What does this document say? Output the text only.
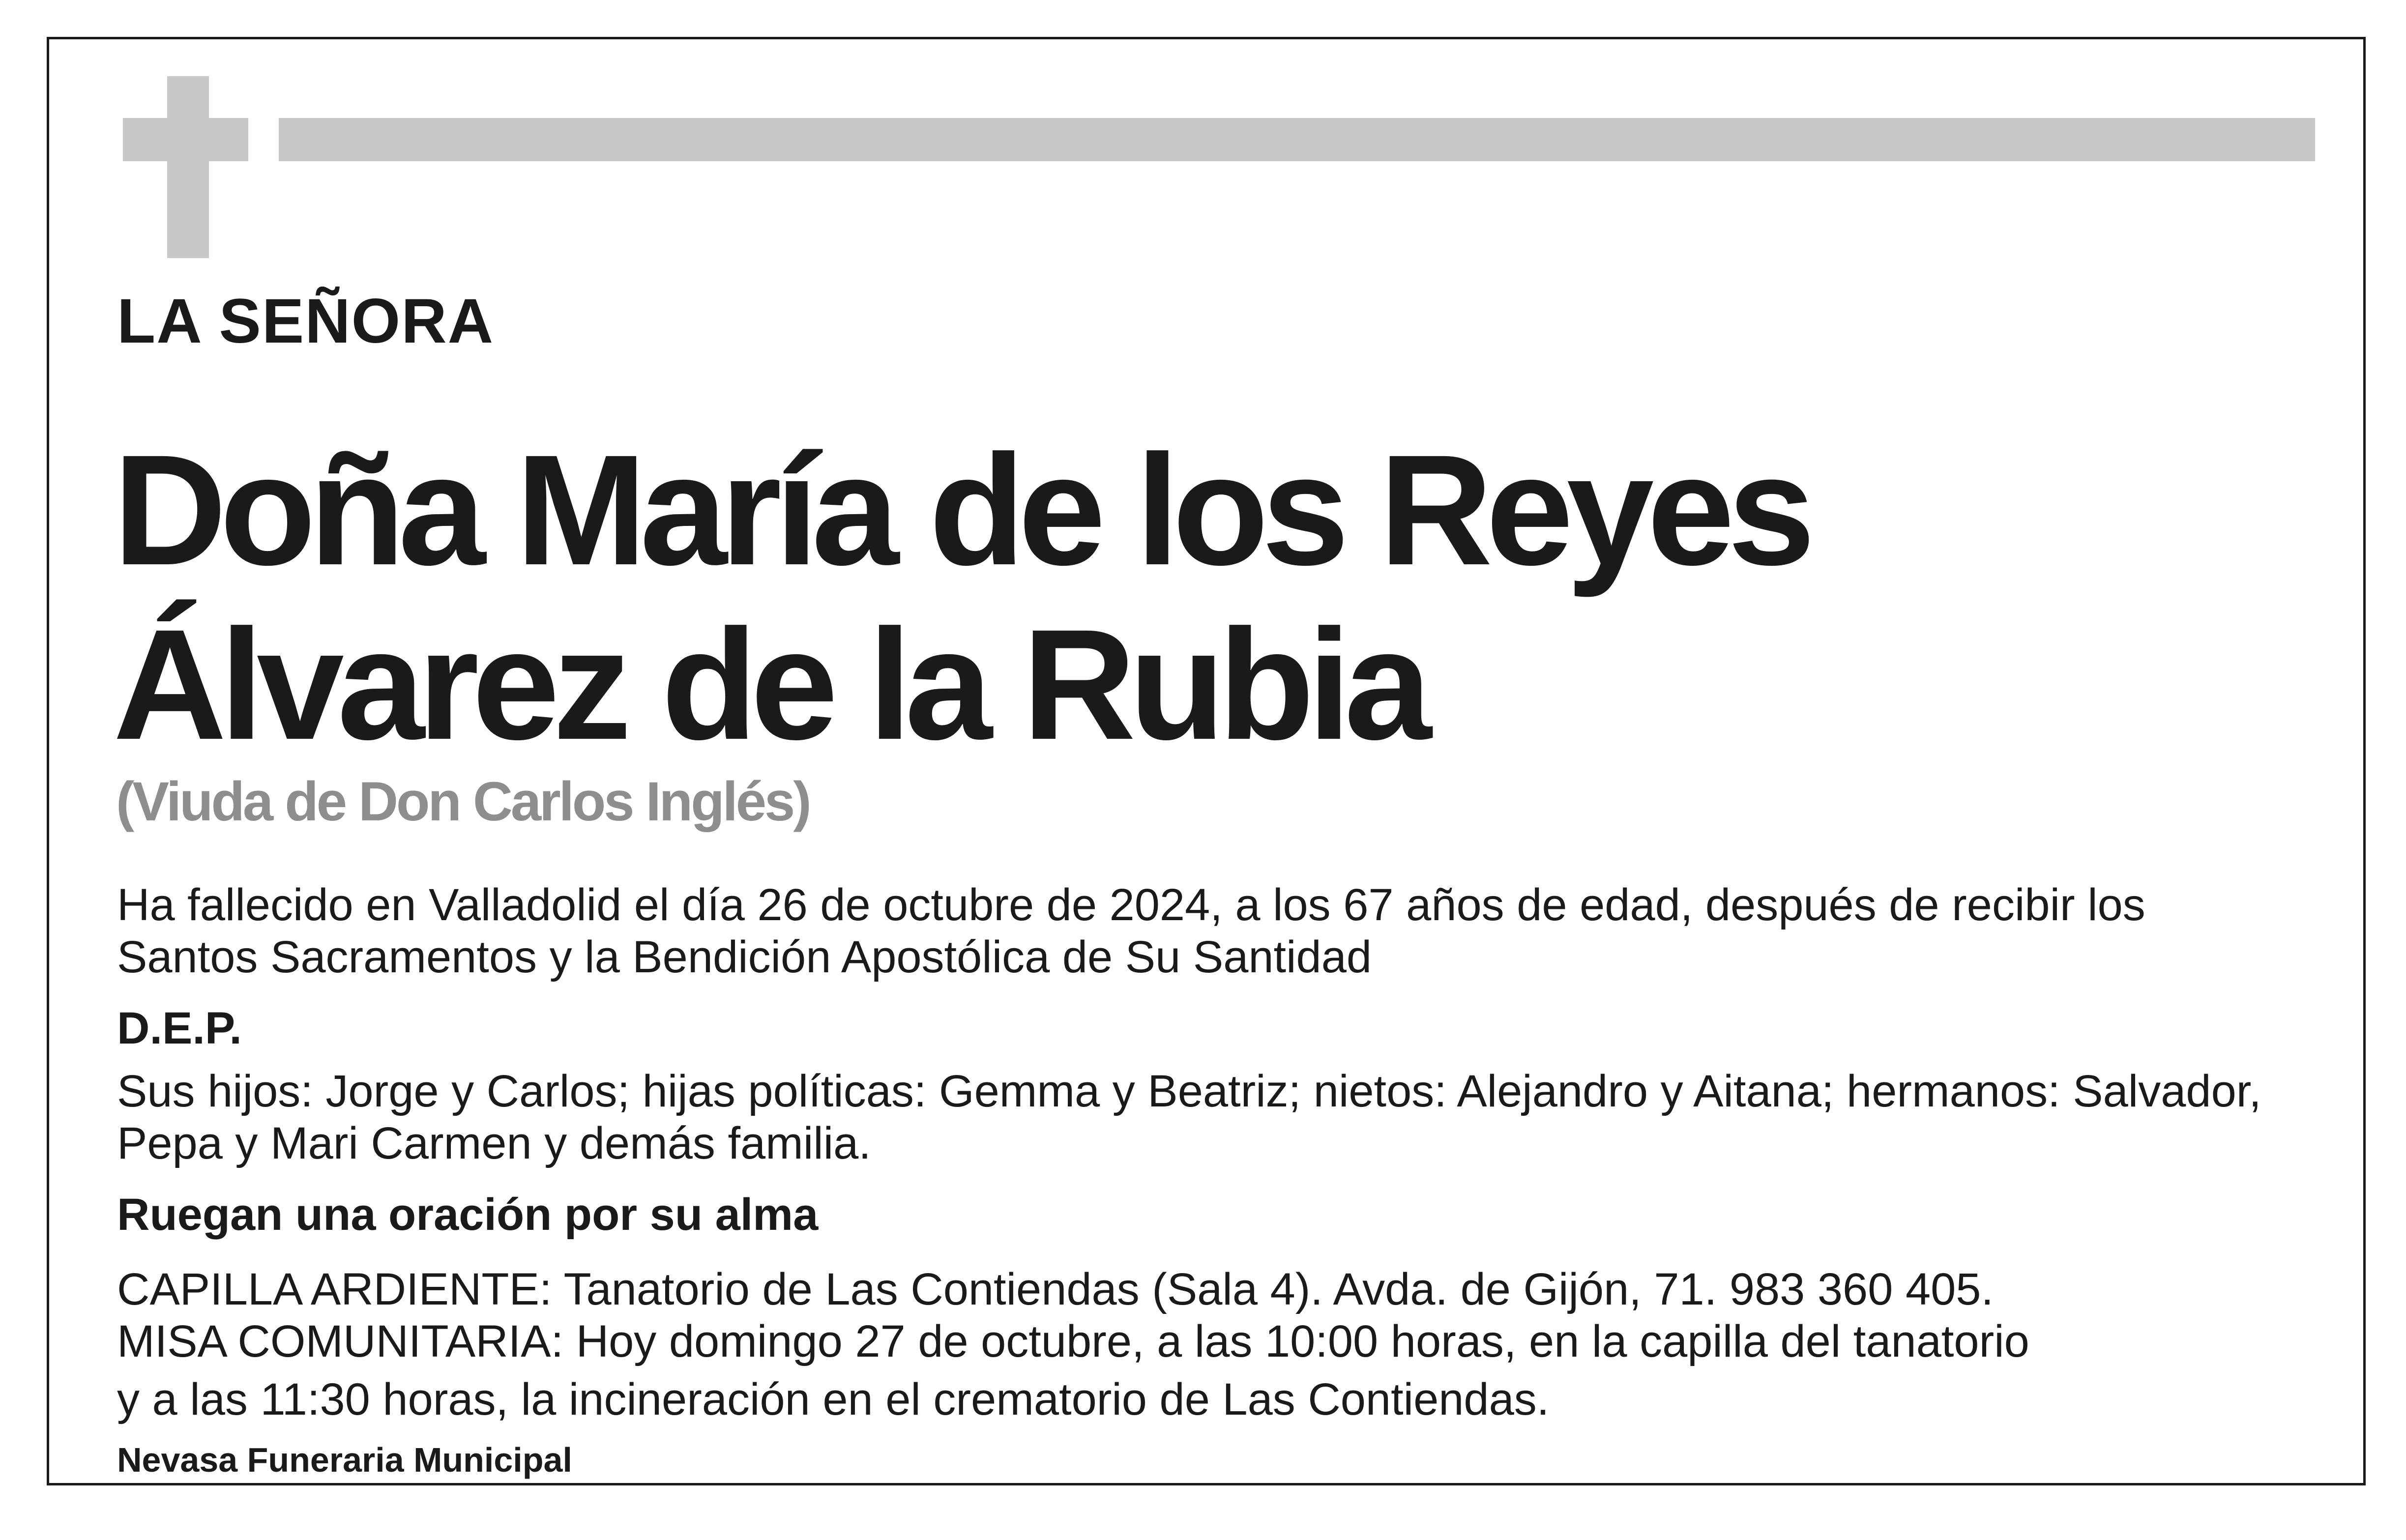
LA SEÑORA
Doña María de los Reyes
Álvarez de la Rubia
(Viuda de Don Carlos Inglés)
Ha fallecido en Valladolid el día 26 de octubre de 2024, a los 67 años de edad, después de recibir los
Santos Sacramentos y la Bendición Apostólica de Su Santidad
D.E.P.
Sus hijos: Jorge y Carlos; hijas políticas: Gemma y Beatriz; nietos: Alejandro y Aitana; hermanos: Salvador,
Pepa y Mari Carmen y demás familia.
Ruegan una oración por su alma
CAPILLA ARDIENTE: Tanatorio de Las Contiendas (Sala 4). Avda. de Gijón, 71. 983 360 405.
MISA COMUNITARIA: Hoy domingo 27 de octubre, a las 10:00 horas, en la capilla del tanatorio
y a las 11:30 horas, la incineración en el crematorio de Las Contiendas.
Nevasa Funeraria Municipal
